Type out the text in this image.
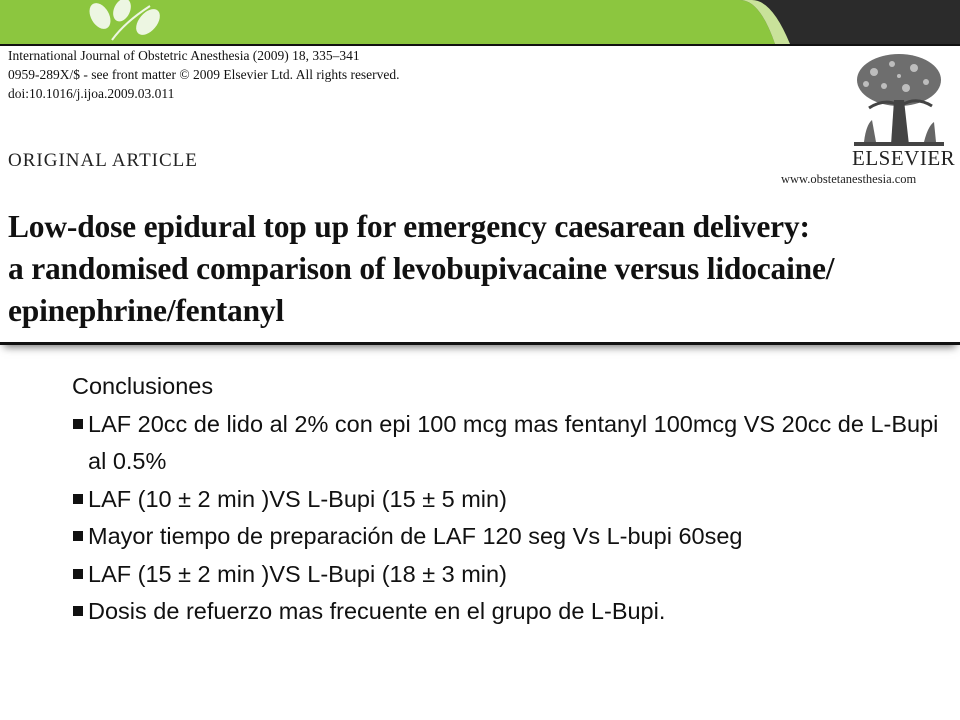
International Journal of Obstetric Anesthesia (2009) 18, 335–341
0959-289X/$ - see front matter © 2009 Elsevier Ltd. All rights reserved.
doi:10.1016/j.ijoa.2009.03.011
ORIGINAL ARTICLE
Low-dose epidural top up for emergency caesarean delivery:
a randomised comparison of levobupivacaine versus lidocaine/
epinephrine/fentanyl
ELSEVIER
www.obstetanesthesia.com
Conclusiones
LAF 20cc de lido al 2% con epi 100 mcg mas fentanyl 100mcg VS 20cc de L-Bupi al 0.5%
LAF (10 ± 2 min )VS L-Bupi (15 ± 5 min)
Mayor tiempo de preparación de LAF 120 seg Vs L-bupi 60seg
LAF (15 ± 2 min )VS L-Bupi (18 ± 3 min)
Dosis de refuerzo mas frecuente en el grupo de L-Bupi.
